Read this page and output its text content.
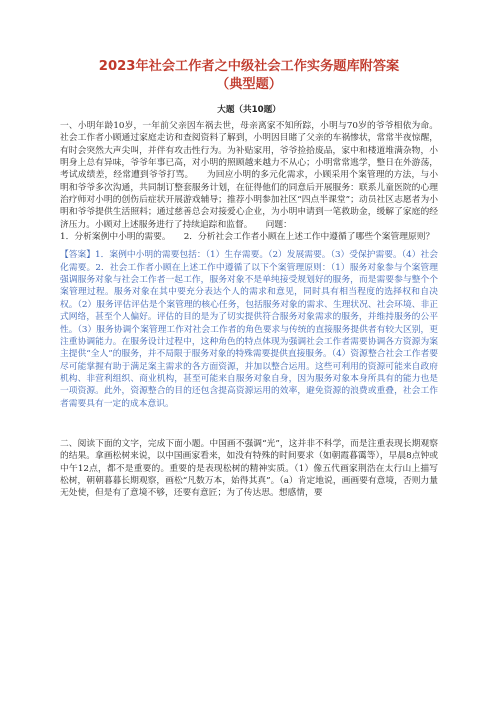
2023年社会工作者之中级社会工作实务题库附答案
（典型题）
大题（共10题）

一、小明年龄10岁，一年前父亲因车祸去世，母亲离家不知所踪，小明与70岁的爷爷相依为命。社会工作者小顾通过家庭走访和查阅资料了解到，小明因目睹了父亲的车祸惨状，常常半夜惊醒，有时会突然大声尖叫，并伴有攻击性行为。为补贴家用，爷爷捡拾废品，家中和楼道堆满杂物，小明身上总有异味，爷爷年事已高，对小明的照顾越来越力不从心；小明常常逃学，整日在外游荡，考试成绩差，经常遭到爷爷打骂。　　为回应小明的多元化需求，小顾采用个案管理的方法，与小明和爷爷多次沟通，共同制订整套服务计划，在征得他们的同意后开展服务：联系儿童医院的心理治疗师对小明的创伤后症状开展游戏辅导；推荐小明参加社区“四点半课堂”；动员社区志愿者为小明和爷爷提供生活照料；通过慈善总会对接爱心企业，为小明申请到一笔救助金，缓解了家庭的经济压力。小顾对上述服务进行了持续追踪和监督。　　问题：

1．分析案例中小明的需要。　　2．分析社会工作者小顾在上述工作中遵循了哪些个案管理原则？

【答案】1．案例中小明的需要包括：（1）生存需要。（2）发展需要。（3）受保护需要。（4）社会化需要。2．社会工作者小顾在上述工作中遵循了以下个案管理原则：（1）服务对象参与个案管理强调服务对象与社会工作者一起工作，服务对象不是单纯接受规划好的服务，而是需要参与整个个案管理过程。服务对象在其中要充分表达个人的需求和意见，同时具有相当程度的选择权和自决权。（2）服务评估评估是个案管理的核心任务，包括服务对象的需求、生理状况、社会环境、非正式网络，甚至个人偏好。评估的目的是为了切实提供符合服务对象需求的服务，并维持服务的公平性。（3）服务协调个案管理工作对社会工作者的角色要求与传统的直接服务提供者有较大区别，更注重协调能力。在服务设计过程中，这种角色的特点体现为强调社会工作者需要协调各方资源为案主提供“全人”的服务，并不局限于服务对象的特殊需要提供直接服务。（4）资源整合社会工作者要尽可能掌握有助于满足案主需求的各方面资源，并加以整合运用。这些可利用的资源可能来自政府机构、非营利组织、商业机构，甚至可能来自服务对象自身，因为服务对象本身所具有的能力也是一项资源。此外，资源整合的目的还包含提高资源运用的效率，避免资源的浪费或重叠，社会工作者需要具有一定的成本意识。

二、阅读下面的文字，完成下面小题。中国画不强调“光”，这并非不科学，而是注重表现长期观察的结果。拿画松树来说，以中国画家看来，如没有特殊的时间要求（如朝霞暮霭等），早晨8点钟或中午12点，都不是重要的。重要的是表现松树的精神实质。（1）像五代画家荆浩在太行山上描写松树，朝朝暮暮长期观察，画松“凡数万本，始得其真”。（a）肯定地说，画画要有意境，否则力量无处使，但是有了意境不够，还要有意匠；为了传达思。想感情，要
